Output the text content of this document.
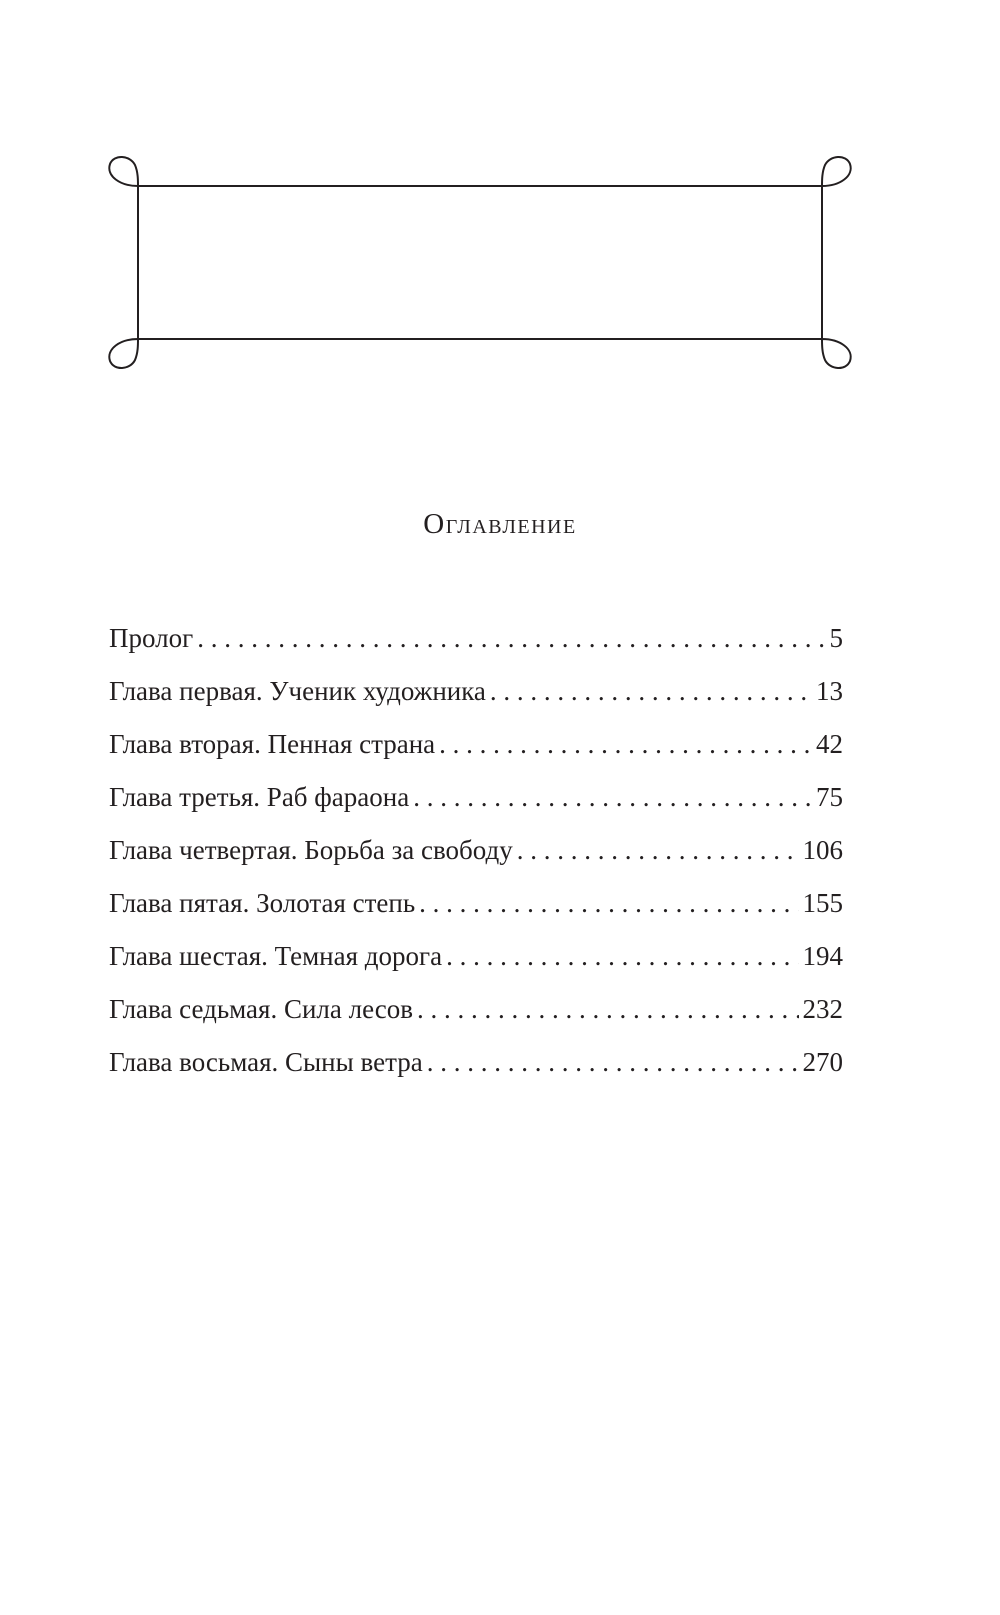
Оглавление
Пролог . . .	5
Глава первая. Ученик художника . . .	13
Глава вторая. Пенная страна . . .	42
Глава третья. Раб фараона . . .	75
Глава четвертая. Борьба за свободу . . .	106
Глава пятая. Золотая степь . . .	155
Глава шестая. Темная дорога . . .	194
Глава седьмая. Сила лесов . . .	232
Глава восьмая. Сыны ветра . . .	270
